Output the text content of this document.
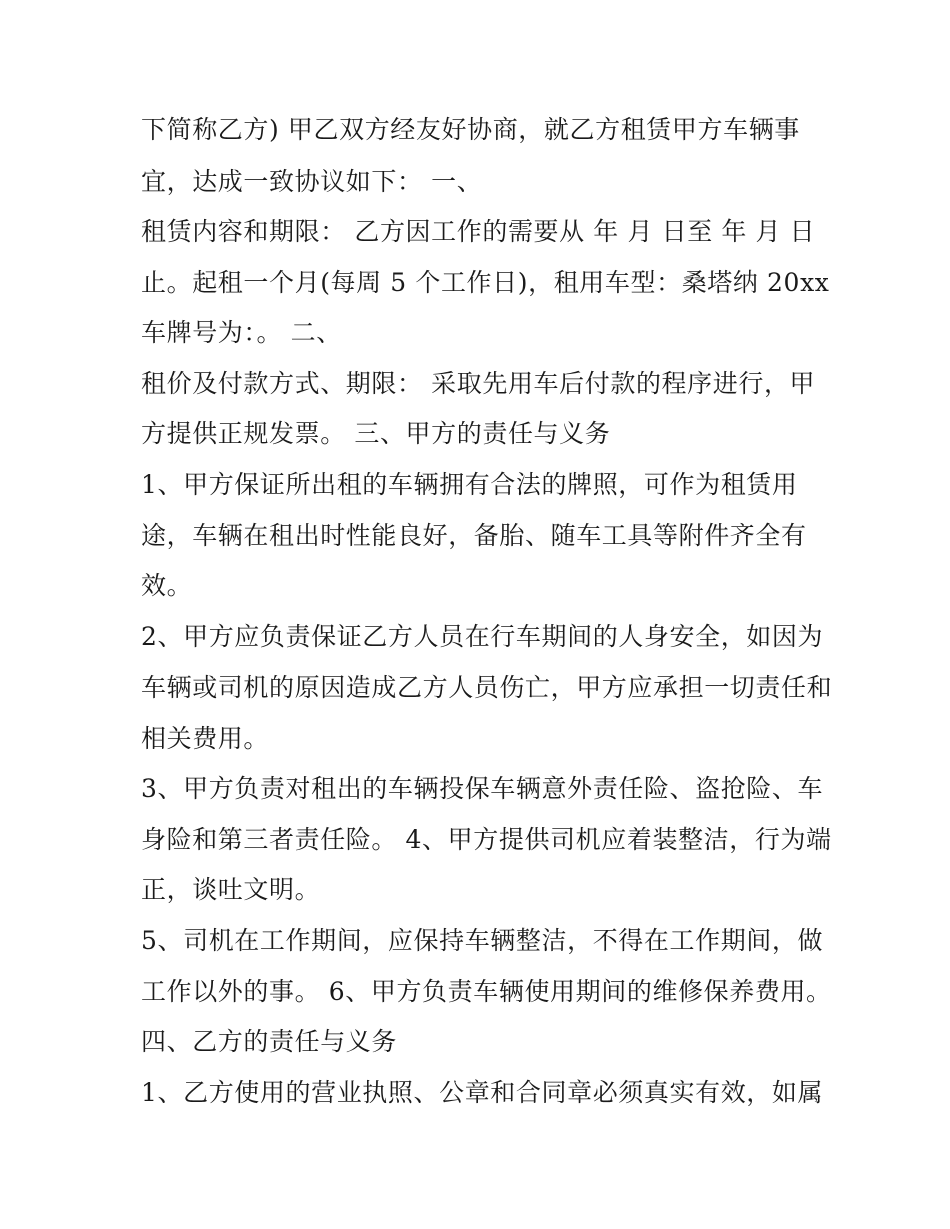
下简称乙方) 甲乙双方经友好协商，就乙方租赁甲方车辆事
宜，达成一致协议如下： 一、
租赁内容和期限： 乙方因工作的需要从 年 月 日至 年 月 日
止。起租一个月(每周 5 个工作日)，租用车型：桑塔纳 20xx
车牌号为：。 二、
租价及付款方式、期限： 采取先用车后付款的程序进行，甲
方提供正规发票。 三、甲方的责任与义务
1、甲方保证所出租的车辆拥有合法的牌照，可作为租赁用
途，车辆在租出时性能良好，备胎、随车工具等附件齐全有
效。
2、甲方应负责保证乙方人员在行车期间的人身安全，如因为
车辆或司机的原因造成乙方人员伤亡，甲方应承担一切责任和
相关费用。
3、甲方负责对租出的车辆投保车辆意外责任险、盗抢险、车
身险和第三者责任险。 4、甲方提供司机应着装整洁，行为端
正，谈吐文明。
5、司机在工作期间，应保持车辆整洁，不得在工作期间，做
工作以外的事。 6、甲方负责车辆使用期间的维修保养费用。
四、乙方的责任与义务
1、乙方使用的营业执照、公章和合同章必须真实有效，如属
